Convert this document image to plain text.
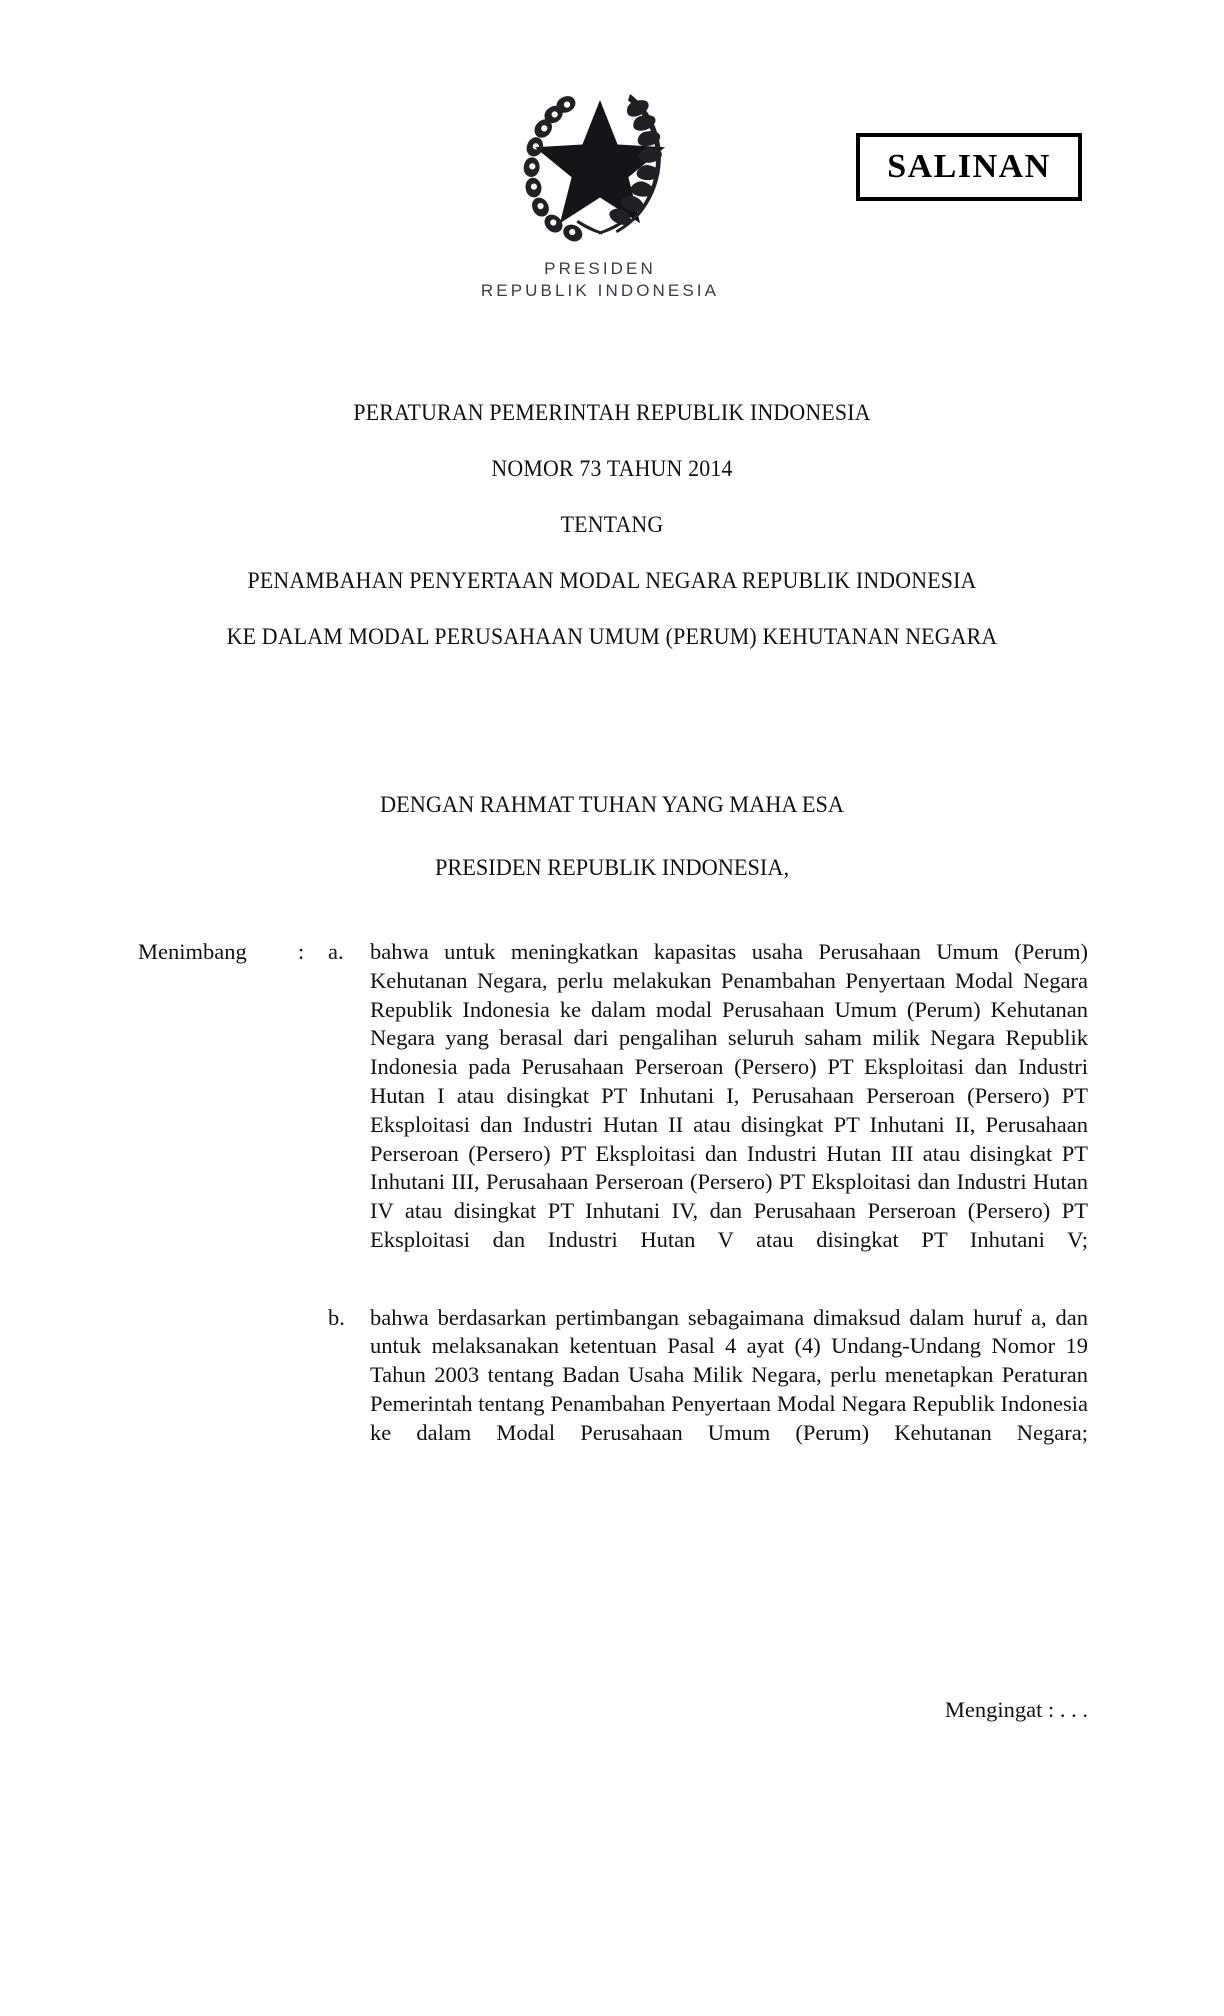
PRESIDEN
REPUBLIK INDONESIA
SALINAN
PERATURAN PEMERINTAH REPUBLIK INDONESIA
NOMOR 73 TAHUN 2014
TENTANG
PENAMBAHAN PENYERTAAN MODAL NEGARA REPUBLIK INDONESIA
KE DALAM MODAL PERUSAHAAN UMUM (PERUM) KEHUTANAN NEGARA
DENGAN RAHMAT TUHAN YANG MAHA ESA
PRESIDEN REPUBLIK INDONESIA,
Menimbang	:	a.	bahwa untuk meningkatkan kapasitas usaha Perusahaan Umum (Perum) Kehutanan Negara, perlu melakukan Penambahan Penyertaan Modal Negara Republik Indonesia ke dalam modal Perusahaan Umum (Perum) Kehutanan Negara yang berasal dari pengalihan seluruh saham milik Negara Republik Indonesia pada Perusahaan Perseroan (Persero) PT Eksploitasi dan Industri Hutan I atau disingkat PT Inhutani I, Perusahaan Perseroan (Persero) PT Eksploitasi dan Industri Hutan II atau disingkat PT Inhutani II, Perusahaan Perseroan (Persero) PT Eksploitasi dan Industri Hutan III atau disingkat PT Inhutani III, Perusahaan Perseroan (Persero) PT Eksploitasi dan Industri Hutan IV atau disingkat PT Inhutani IV, dan Perusahaan Perseroan (Persero) PT Eksploitasi dan Industri Hutan V atau disingkat PT Inhutani V;
b.	bahwa berdasarkan pertimbangan sebagaimana dimaksud dalam huruf a, dan untuk melaksanakan ketentuan Pasal 4 ayat (4) Undang-Undang Nomor 19 Tahun 2003 tentang Badan Usaha Milik Negara, perlu menetapkan Peraturan Pemerintah tentang Penambahan Penyertaan Modal Negara Republik Indonesia ke dalam Modal Perusahaan Umum (Perum) Kehutanan Negara;
Mengingat : . . .
